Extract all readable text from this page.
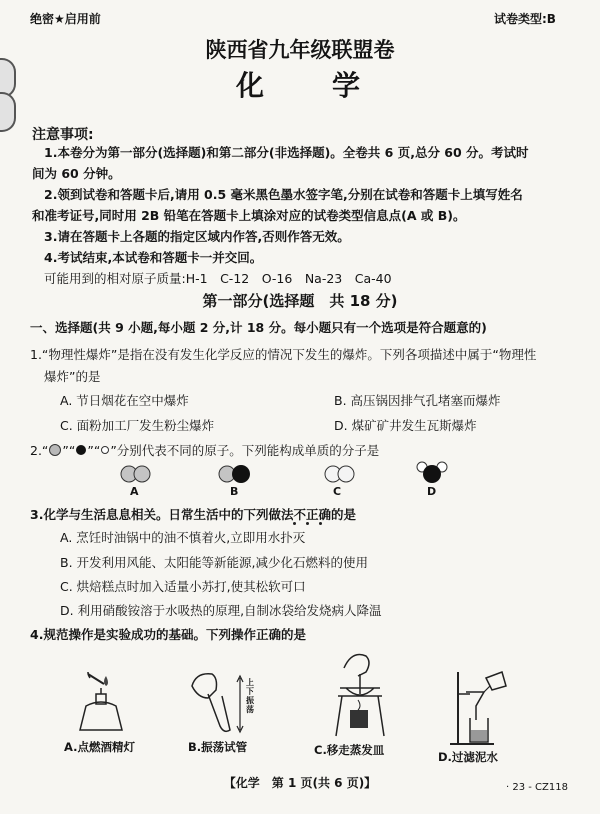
绝密★启用前	试卷类型:B
陕西省九年级联盟卷
化　　学
注意事项:
1.本卷分为第一部分(选择题)和第二部分(非选择题)。全卷共 6 页,总分 60 分。考试时
间为 60 分钟。
2.领到试卷和答题卡后,请用 0.5 毫米黑色墨水签字笔,分别在试卷和答题卡上填写姓名
和准考证号,同时用 2B 铅笔在答题卡上填涂对应的试卷类型信息点(A 或 B)。
3.请在答题卡上各题的指定区域内作答,否则作答无效。
4.考试结束,本试卷和答题卡一并交回。
可能用到的相对原子质量:H-1　C-12　O-16　Na-23　Ca-40
第一部分(选择题　共 18 分)
一、选择题(共 9 小题,每小题 2 分,计 18 分。每小题只有一个选项是符合题意的)
1.“物理性爆炸”是指在没有发生化学反应的情况下发生的爆炸。下列各项描述中属于“物理性
爆炸”的是
A. 节日烟花在空中爆炸	B. 高压锅因排气孔堵塞而爆炸
C. 面粉加工厂发生粉尘爆炸	D. 煤矿矿井发生瓦斯爆炸
2.“ ”“ ”“ ”分别代表不同的原子。下列能构成单质的分子是
A	B	C	D
3.化学与生活息息相关。日常生活中的下列做法不正确的是
A. 烹饪时油锅中的油不慎着火,立即用水扑灭
B. 开发利用风能、太阳能等新能源,减少化石燃料的使用
C. 烘焙糕点时加入适量小苏打,使其松软可口
D. 利用硝酸铵溶于水吸热的原理,自制冰袋给发烧病人降温
4.规范操作是实验成功的基础。下列操作正确的是
A.点燃酒精灯
上下振荡
B.振荡试管	C.移走蒸发皿	D.过滤泥水
【化学　第 1 页(共 6 页)】	· 23 - CZ118
